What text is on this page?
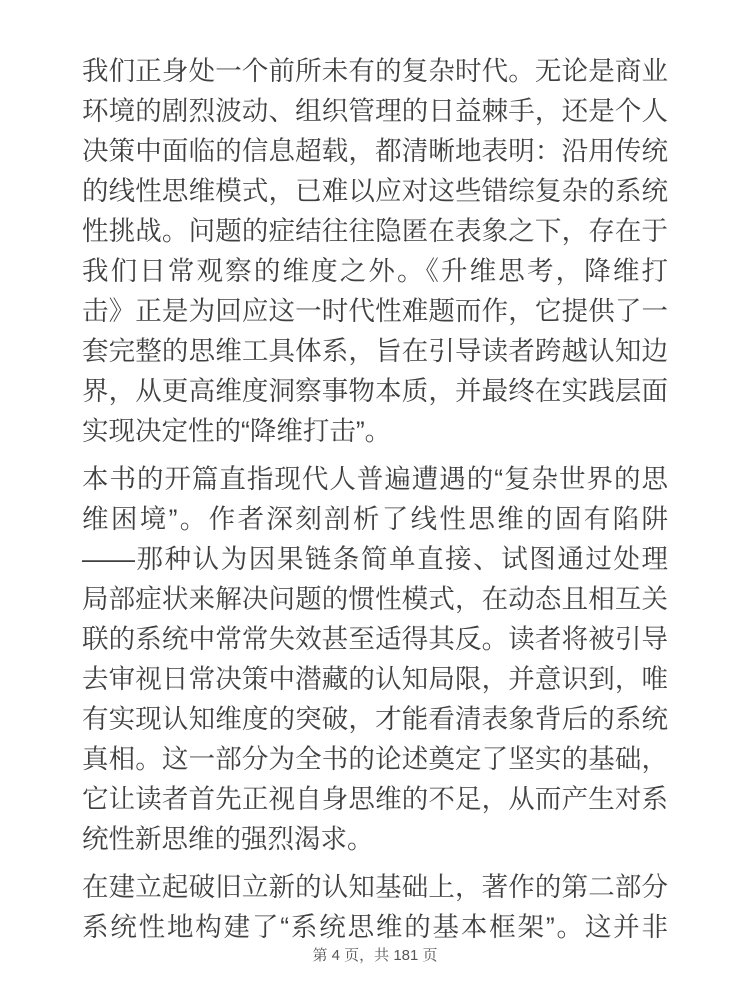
我们正身处一个前所未有的复杂时代。无论是商业
环境的剧烈波动、组织管理的日益棘手，还是个人
决策中面临的信息超载，都清晰地表明：沿用传统
的线性思维模式，已难以应对这些错综复杂的系统
性挑战。问题的症结往往隐匿在表象之下，存在于
我们日常观察的维度之外。《升维思考，降维打
击》正是为回应这一时代性难题而作，它提供了一
套完整的思维工具体系，旨在引导读者跨越认知边
界，从更高维度洞察事物本质，并最终在实践层面
实现决定性的“降维打击”。
本书的开篇直指现代人普遍遭遇的“复杂世界的思
维困境”。作者深刻剖析了线性思维的固有陷阱
——那种认为因果链条简单直接、试图通过处理
局部症状来解决问题的惯性模式，在动态且相互关
联的系统中常常失效甚至适得其反。读者将被引导
去审视日常决策中潜藏的认知局限，并意识到，唯
有实现认知维度的突破，才能看清表象背后的系统
真相。这一部分为全书的论述奠定了坚实的基础，
它让读者首先正视自身思维的不足，从而产生对系
统性新思维的强烈渴求。
在建立起破旧立新的认知基础上，著作的第二部分
系统性地构建了“系统思维的基本框架”。这并非
第 4 页，共 181 页
